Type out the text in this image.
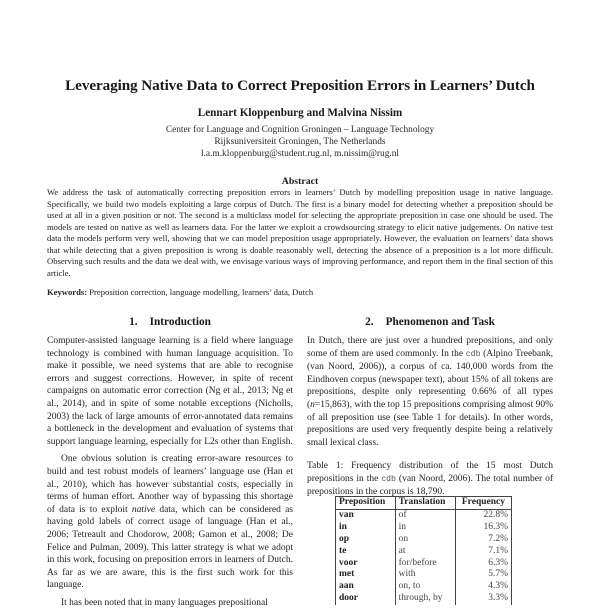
Leveraging Native Data to Correct Preposition Errors in Learners’ Dutch
Lennart Kloppenburg and Malvina Nissim
Center for Language and Cognition Groningen – Language Technology
Rijksuniversiteit Groningen, The Netherlands
l.a.m.kloppenburg@student.rug.nl, m.nissim@rug.nl
Abstract
We address the task of automatically correcting preposition errors in learners’ Dutch by modelling preposition usage in native language. Specifically, we build two models exploiting a large corpus of Dutch. The first is a binary model for detecting whether a preposition should be used at all in a given position or not. The second is a multiclass model for selecting the appropriate preposition in case one should be used. The models are tested on native as well as learners data. For the latter we exploit a crowdsourcing strategy to elicit native judgements. On native test data the models perform very well, showing that we can model preposition usage appropriately. However, the evaluation on learners’ data shows that while detecting that a given preposition is wrong is doable reasonably well, detecting the absence of a preposition is a lot more difficult. Observing such results and the data we deal with, we envisage various ways of improving performance, and report them in the final section of this article.
Keywords: Preposition correction, language modelling, learners’ data, Dutch
1. Introduction

Computer-assisted language learning is a field where language technology is combined with human language acquisition. To make it possible, we need systems that are able to recognise errors and suggest corrections. However, in spite of recent campaigns on automatic error correction (Ng et al., 2013; Ng et al., 2014), and in spite of some notable exceptions (Nicholls, 2003) the lack of large amounts of error-annotated data remains a bottleneck in the development and evaluation of systems that support language learning, especially for L2s other than English.

One obvious solution is creating error-aware resources to build and test robust models of learners’ language use (Han et al., 2010), which has however substantial costs, especially in terms of human effort. Another way of bypassing this shortage of data is to exploit native data, which can be considered as having gold labels of correct usage of language (Han et al., 2006; Tetreault and Chodorow, 2008; Gamon et al., 2008; De Felice and Pulman, 2009). This latter strategy is what we adopt in this work, focusing on preposition errors in learners of Dutch. As far as we are aware, this is the first such work for this language.

It has been noted that in many languages prepositional

2. Phenomenon and Task

In Dutch, there are just over a hundred prepositions, and only some of them are used commonly. In the cdb (Alpino Treebank, (van Noord, 2006)), a corpus of ca. 140,000 words from the Eindhoven corpus (newspaper text), about 15% of all tokens are prepositions, despite only representing 0.66% of all types (n=15,863), with the top 15 prepositions comprising almost 90% of all preposition use (see Table 1 for details). In other words, prepositions are used very frequently despite being a relatively small lexical class.

Table 1: Frequency distribution of the 15 most Dutch prepositions in the cdb (van Noord, 2006). The total number of prepositions in the corpus is 18,790.
Preposition	Translation	Frequency
van	of	22.8%
in	in	16.3%
op	on	7.2%
te	at	7.1%
voor	for/before	6.3%
met	with	5.7%
aan	on, to	4.3%
door	through, by	3.3%
